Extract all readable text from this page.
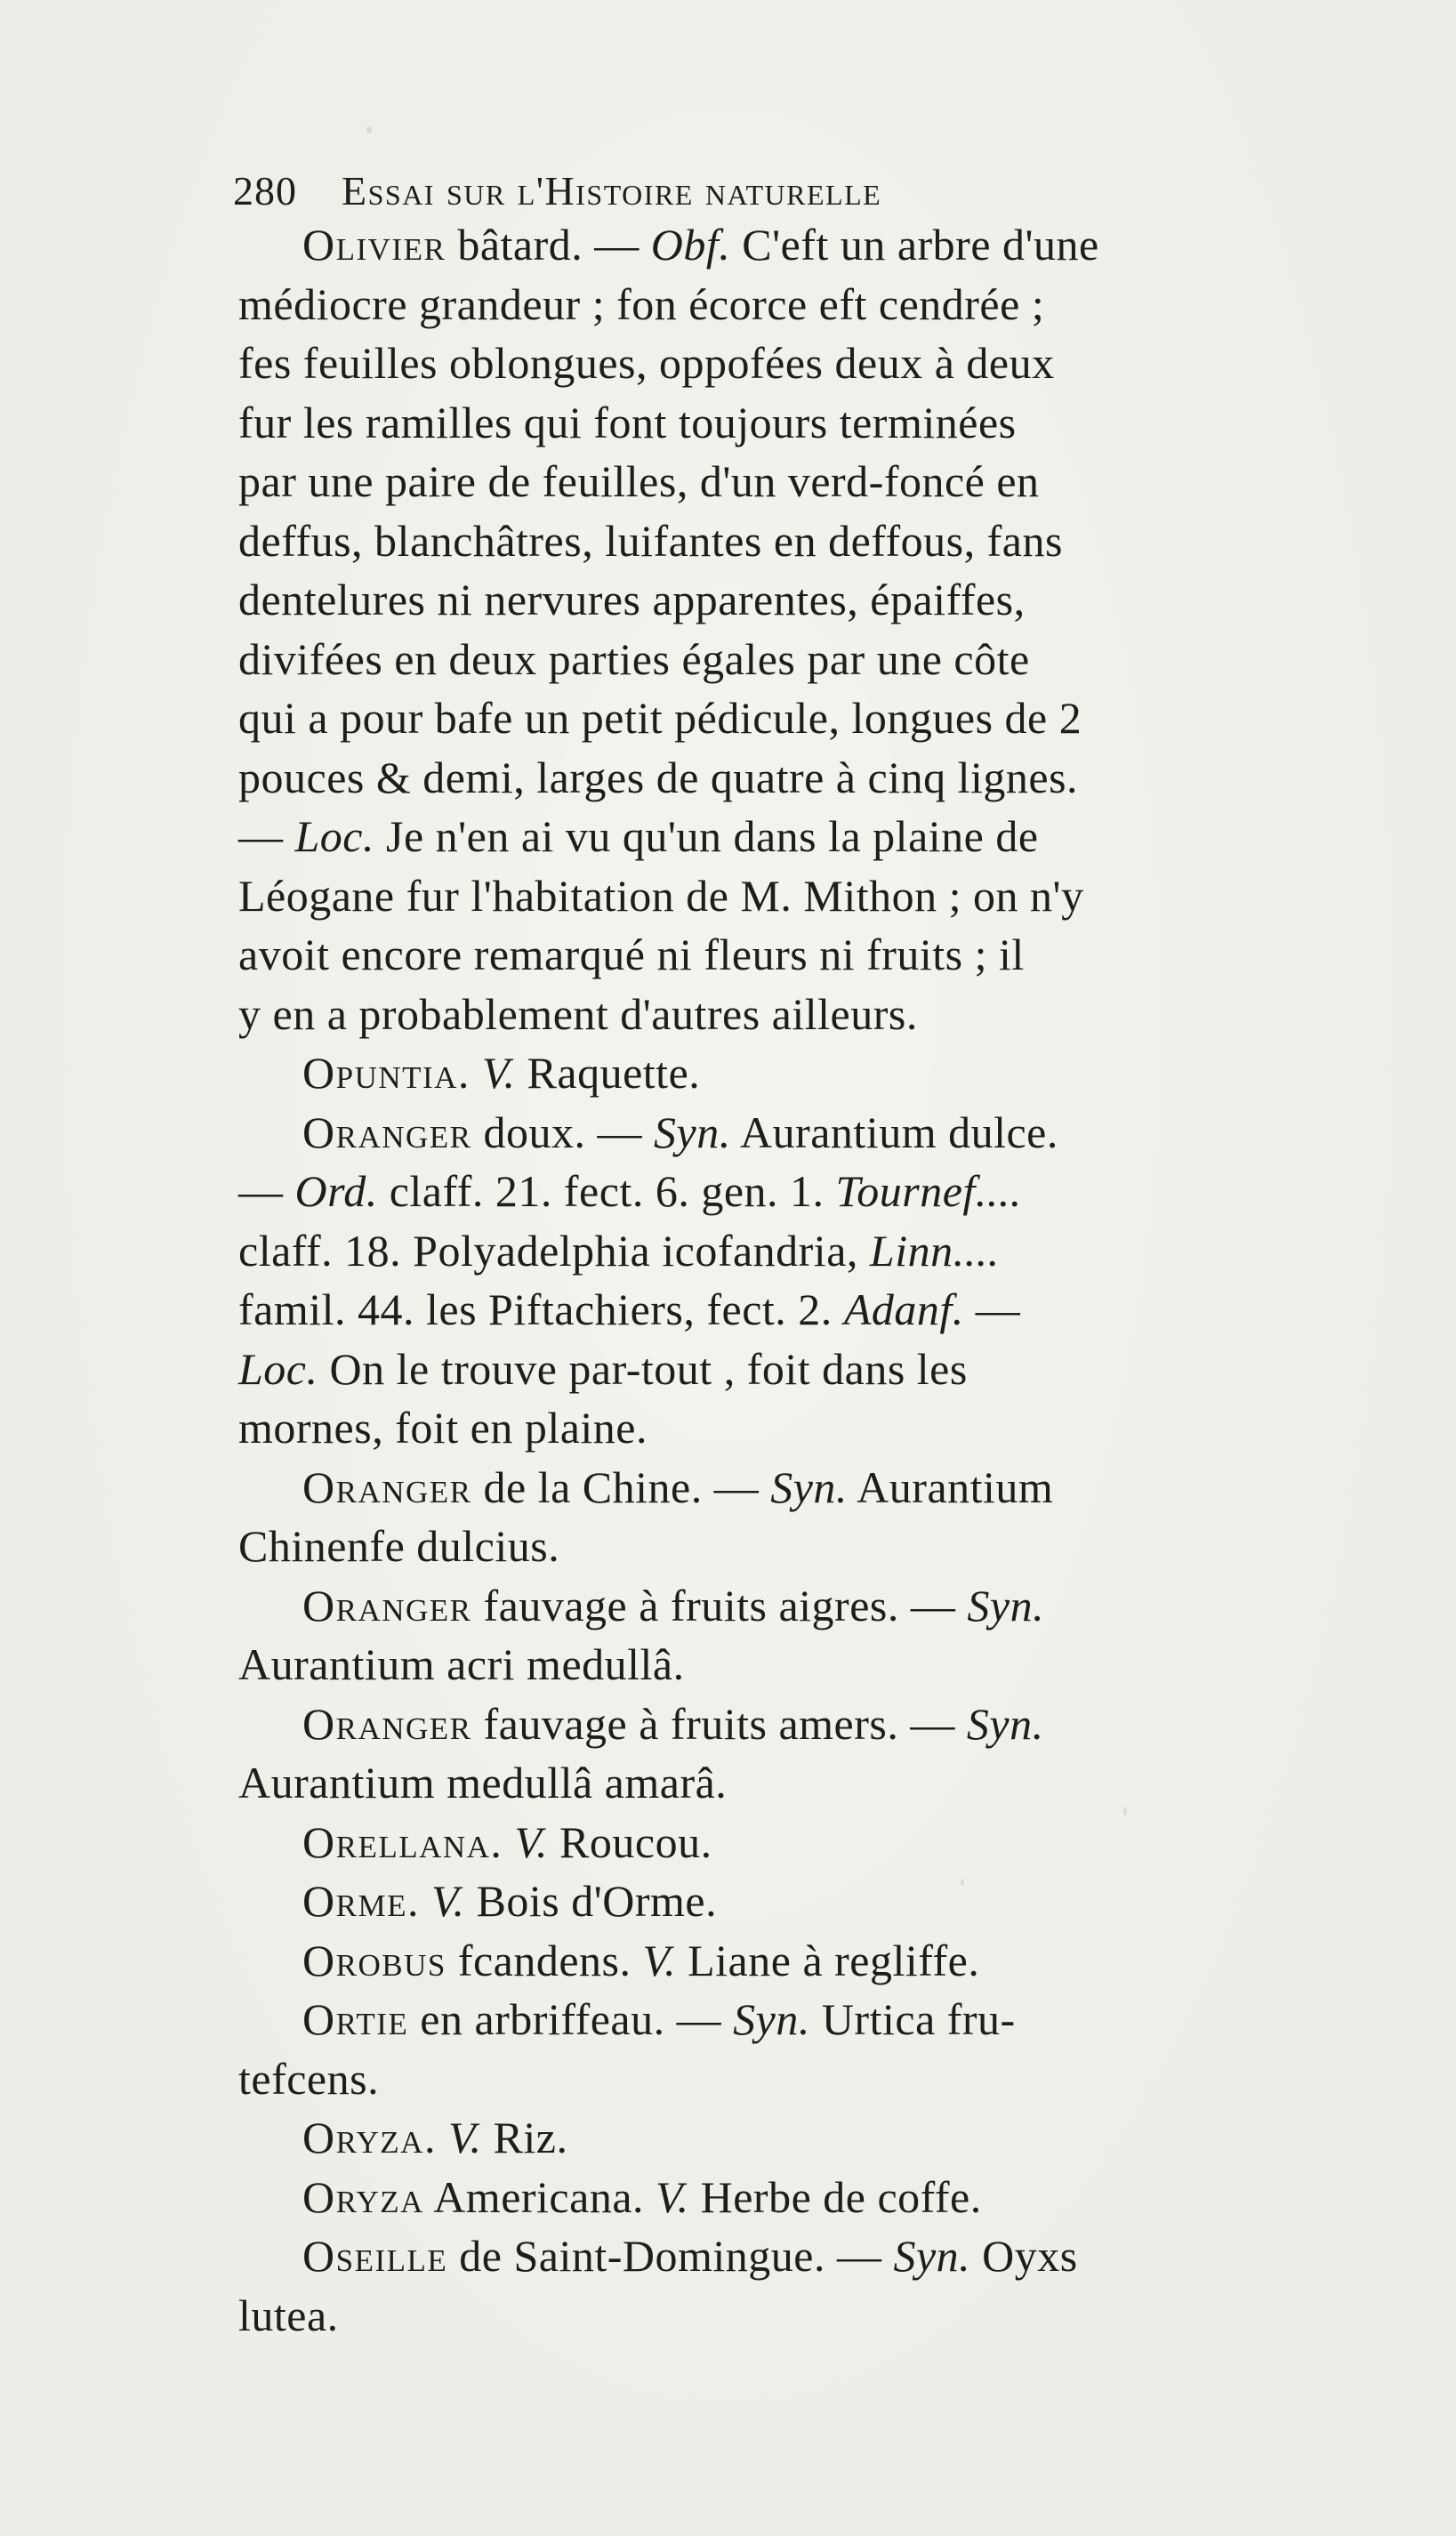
280 Essai sur l'Histoire naturelle
Olivier bâtard. — Obf. C'eft un arbre d'une
médiocre grandeur ; fon écorce eft cendrée ;
fes feuilles oblongues, oppofées deux à deux
fur les ramilles qui font toujours terminées
par une paire de feuilles, d'un verd-foncé en
deffus, blanchâtres, luifantes en deffous, fans
dentelures ni nervures apparentes, épaiffes,
divifées en deux parties égales par une côte
qui a pour bafe un petit pédicule, longues de 2
pouces & demi, larges de quatre à cinq lignes.
— Loc. Je n'en ai vu qu'un dans la plaine de
Léogane fur l'habitation de M. Mithon ; on n'y
avoit encore remarqué ni fleurs ni fruits ; il
y en a probablement d'autres ailleurs.
Opuntia. V. Raquette.
Oranger doux. — Syn. Aurantium dulce.
— Ord. claff. 21. fect. 6. gen. 1. Tournef....
claff. 18. Polyadelphia icofandria, Linn....
famil. 44. les Piftachiers, fect. 2. Adanf. —
Loc. On le trouve par-tout , foit dans les
mornes, foit en plaine.
Oranger de la Chine. — Syn. Aurantium
Chinenfe dulcius.
Oranger fauvage à fruits aigres. — Syn.
Aurantium acri medullâ.
Oranger fauvage à fruits amers. — Syn.
Aurantium medullâ amarâ.
Orellana. V. Roucou.
Orme. V. Bois d'Orme.
Orobus fcandens. V. Liane à regliffe.
Ortie en arbriffeau. — Syn. Urtica fru-
tefcens.
Oryza. V. Riz.
Oryza Americana. V. Herbe de coffe.
Oseille de Saint-Domingue. — Syn. Oyxs
lutea.
